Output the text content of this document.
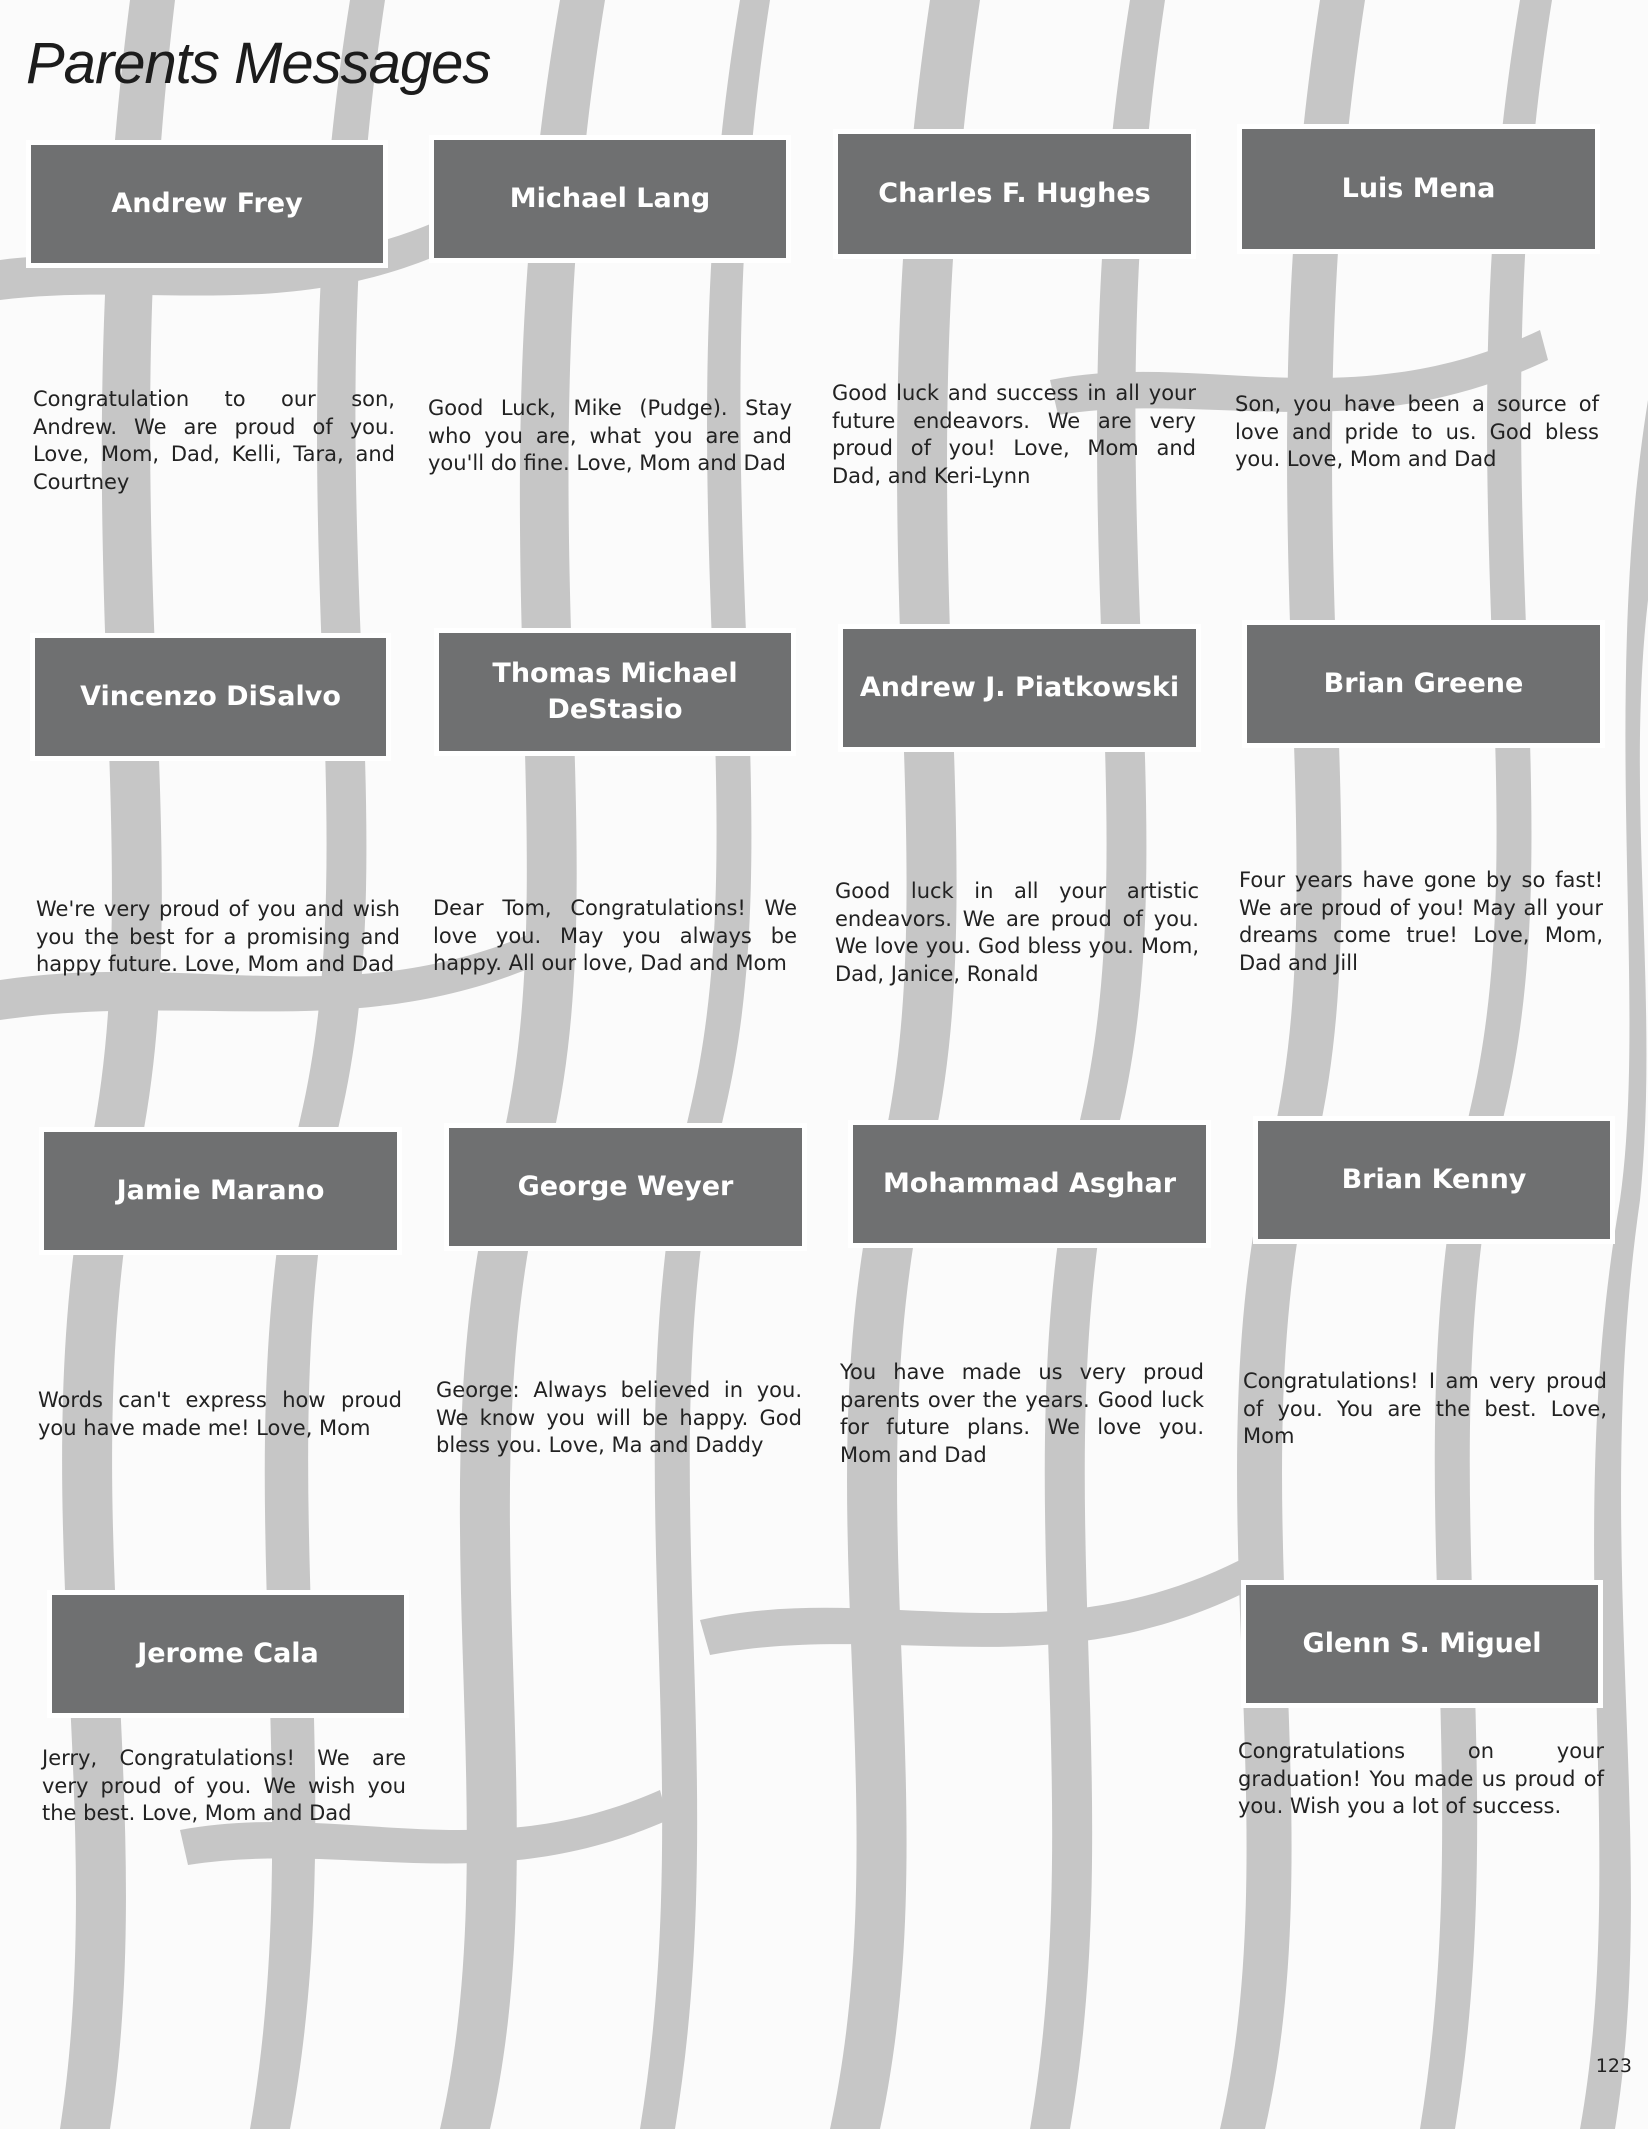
Parents Messages
Andrew Frey	Michael Lang	Charles F. Hughes	Luis Mena
Congratulation to our son, Andrew. We are proud of you. Love, Mom, Dad, Kelli, Tara, and Courtney
Good Luck, Mike (Pudge). Stay who you are, what you are and you'll do fine. Love, Mom and Dad
Good luck and success in all your future endeavors. We are very proud of you! Love, Mom and Dad, and Keri-Lynn
Son, you have been a source of love and pride to us. God bless you. Love, Mom and Dad
Vincenzo DiSalvo
Thomas Michael DeStasio
Andrew J. Piatkowski	Brian Greene
We're very proud of you and wish you the best for a promising and happy future. Love, Mom and Dad
Dear Tom, Congratulations! We love you. May you always be happy. All our love, Dad and Mom
Good luck in all your artistic endeavors. We are proud of you. We love you. God bless you. Mom, Dad, Janice, Ronald
Four years have gone by so fast! We are proud of you! May all your dreams come true! Love, Mom, Dad and Jill
Jamie Marano	George Weyer	Mohammad Asghar	Brian Kenny
Words can't express how proud you have made me! Love, Mom
George: Always believed in you. We know you will be happy. God bless you. Love, Ma and Daddy
You have made us very proud parents over the years. Good luck for future plans. We love you. Mom and Dad
Congratulations! I am very proud of you. You are the best. Love, Mom
Jerome Cala	Glenn S. Miguel
Jerry, Congratulations! We are very proud of you. We wish you the best. Love, Mom and Dad
Congratulations on your graduation! You made us proud of you. Wish you a lot of success.
123
